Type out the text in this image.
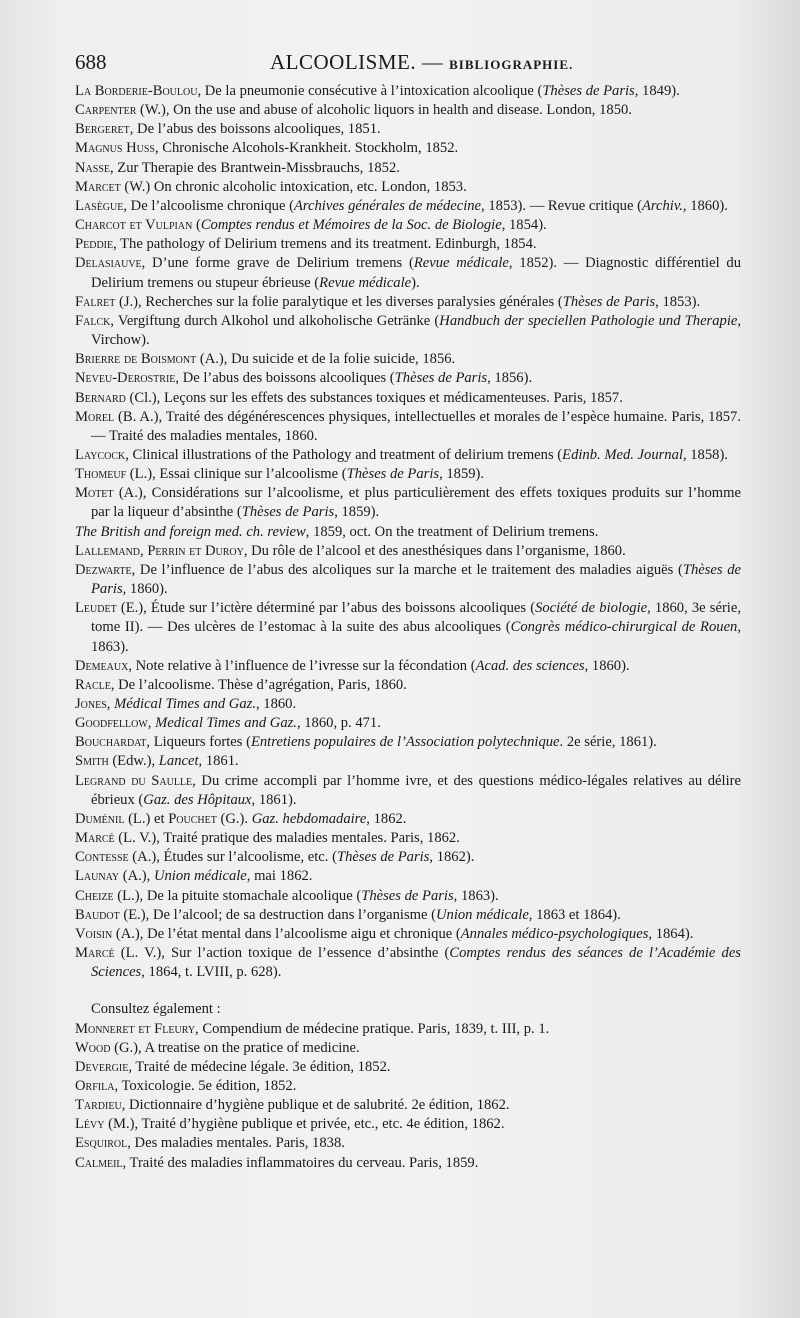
688	ALCOOLISME. — BIBLIOGRAPHIE.
La Borderie-Boulou, De la pneumonie consécutive à l’intoxication alcoolique (Thèses de Paris, 1849).
Carpenter (W.), On the use and abuse of alcoholic liquors in health and disease. London, 1850.
Bergeret, De l’abus des boissons alcooliques, 1851.
Magnus Huss, Chronische Alcohols-Krankheit. Stockholm, 1852.
Nasse, Zur Therapie des Brantwein-Missbrauchs, 1852.
Marcet (W.) On chronic alcoholic intoxication, etc. London, 1853.
Lasègue, De l’alcoolisme chronique (Archives générales de médecine, 1853). — Revue critique (Archiv., 1860).
Charcot et Vulpian (Comptes rendus et Mémoires de la Soc. de Biologie, 1854).
Peddie, The pathology of Delirium tremens and its treatment. Edinburgh, 1854.
Delasiauve, D’une forme grave de Delirium tremens (Revue médicale, 1852). — Diagnostic différentiel du Delirium tremens ou stupeur ébrieuse (Revue médicale).
Falret (J.), Recherches sur la folie paralytique et les diverses paralysies générales (Thèses de Paris, 1853).
Falck, Vergiftung durch Alkohol und alkoholische Getränke (Handbuch der speciellen Pathologie und Therapie, Virchow).
Brierre de Boismont (A.), Du suicide et de la folie suicide, 1856.
Neveu-Derostrie, De l’abus des boissons alcooliques (Thèses de Paris, 1856).
Bernard (Cl.), Leçons sur les effets des substances toxiques et médicamenteuses. Paris, 1857.
Morel (B. A.), Traité des dégénérescences physiques, intellectuelles et morales de l’espèce humaine. Paris, 1857. — Traité des maladies mentales, 1860.
Laycock, Clinical illustrations of the Pathology and treatment of delirium tremens (Edinb. Med. Journal, 1858).
Thomeuf (L.), Essai clinique sur l’alcoolisme (Thèses de Paris, 1859).
Motet (A.), Considérations sur l’alcoolisme, et plus particulièrement des effets toxiques produits sur l’homme par la liqueur d’absinthe (Thèses de Paris, 1859).
The British and foreign med. ch. review, 1859, oct. On the treatment of Delirium tremens.
Lallemand, Perrin et Duroy, Du rôle de l’alcool et des anesthésiques dans l’organisme, 1860.
Dezwarte, De l’influence de l’abus des alcoliques sur la marche et le traitement des maladies aiguës (Thèses de Paris, 1860).
Leudet (E.), Étude sur l’ictère déterminé par l’abus des boissons alcooliques (Société de biologie, 1860, 3e série, tome II). — Des ulcères de l’estomac à la suite des abus alcooliques (Congrès médico-chirurgical de Rouen, 1863).
Demeaux, Note relative à l’influence de l’ivresse sur la fécondation (Acad. des sciences, 1860).
Racle, De l’alcoolisme. Thèse d’agrégation, Paris, 1860.
Jones, Médical Times and Gaz., 1860.
Goodfellow, Medical Times and Gaz., 1860, p. 471.
Bouchardat, Liqueurs fortes (Entretiens populaires de l’Association polytechnique. 2e série, 1861).
Smith (Edw.), Lancet, 1861.
Legrand du Saulle, Du crime accompli par l’homme ivre, et des questions médico-légales relatives au délire ébrieux (Gaz. des Hôpitaux, 1861).
Duménil (L.) et Pouchet (G.). Gaz. hebdomadaire, 1862.
Marcé (L. V.), Traité pratique des maladies mentales. Paris, 1862.
Contesse (A.), Études sur l’alcoolisme, etc. (Thèses de Paris, 1862).
Launay (A.), Union médicale, mai 1862.
Cheize (L.), De la pituite stomachale alcoolique (Thèses de Paris, 1863).
Baudot (E.), De l’alcool; de sa destruction dans l’organisme (Union médicale, 1863 et 1864).
Voisin (A.), De l’état mental dans l’alcoolisme aigu et chronique (Annales médico-psychologiques, 1864).
Marcé (L. V.), Sur l’action toxique de l’essence d’absinthe (Comptes rendus des séances de l’Académie des Sciences, 1864, t. LVIII, p. 628).
Consultez également :
Monneret et Fleury, Compendium de médecine pratique. Paris, 1839, t. III, p. 1.
Wood (G.), A treatise on the pratice of medicine.
Devergie, Traité de médecine légale. 3e édition, 1852.
Orfila, Toxicologie. 5e édition, 1852.
Tardieu, Dictionnaire d’hygiène publique et de salubrité. 2e édition, 1862.
Lévy (M.), Traité d’hygiène publique et privée, etc., etc. 4e édition, 1862.
Esquirol, Des maladies mentales. Paris, 1838.
Calmeil, Traité des maladies inflammatoires du cerveau. Paris, 1859.
